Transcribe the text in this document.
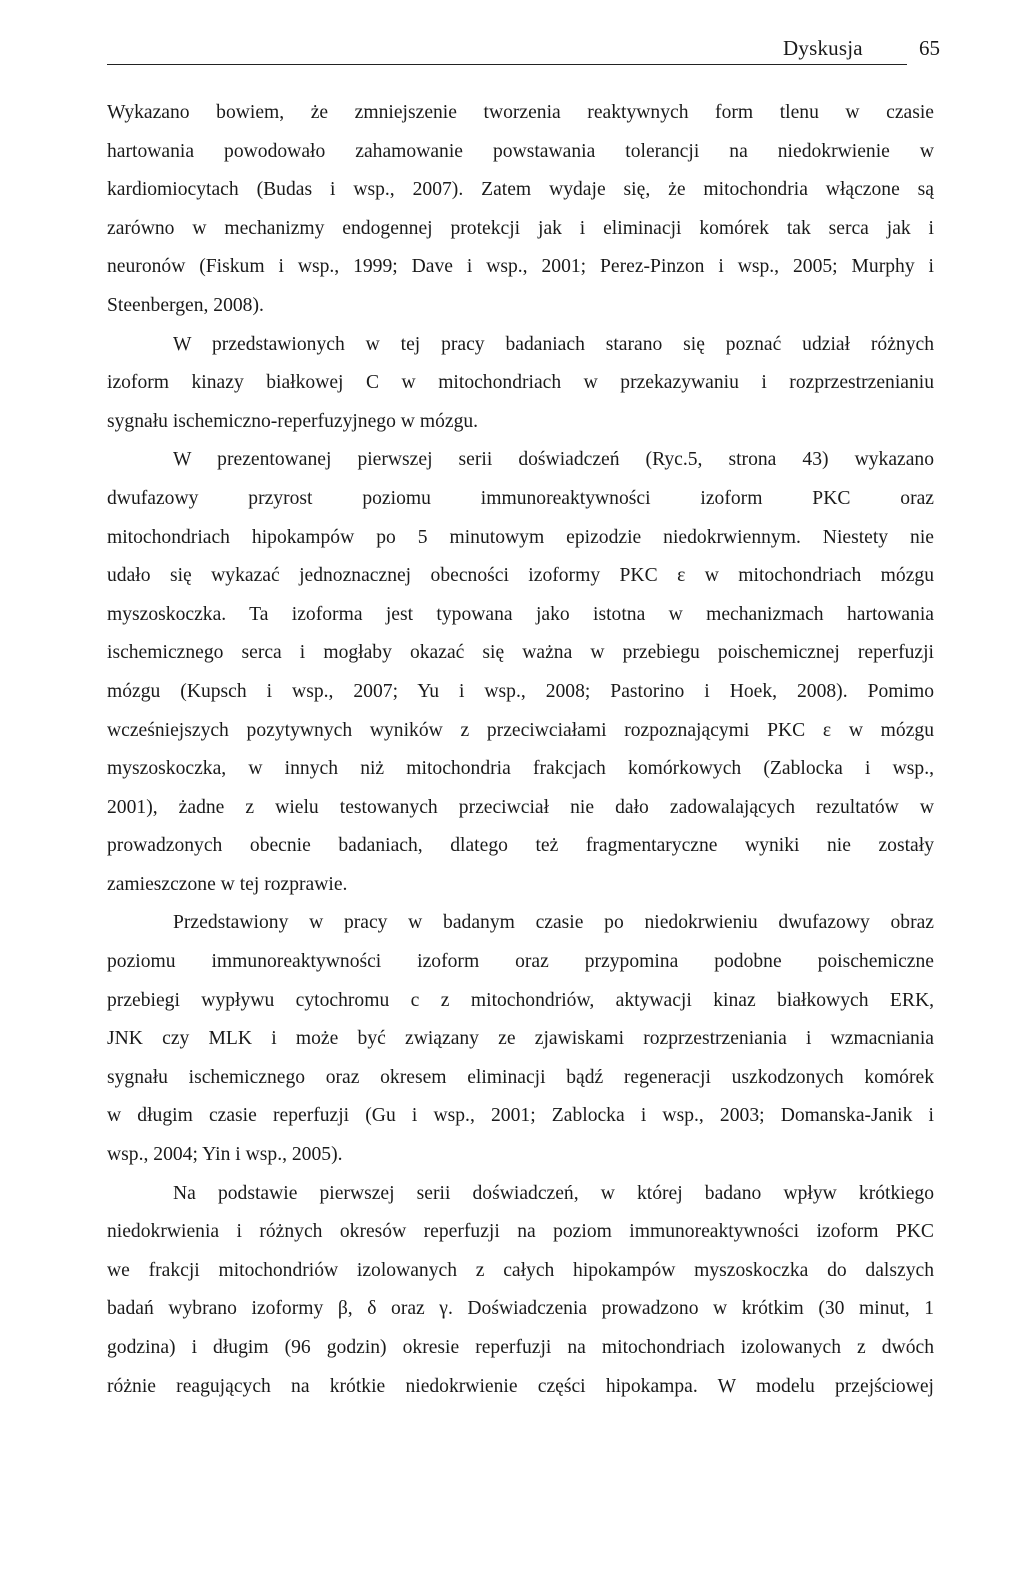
Dyskusja	65
Wykazano bowiem, że zmniejszenie tworzenia reaktywnych form tlenu w czasie
hartowania powodowało zahamowanie powstawania tolerancji na niedokrwienie w
kardiomiocytach (Budas i wsp., 2007). Zatem wydaje się, że mitochondria włączone są
zarówno w mechanizmy endogennej protekcji jak i eliminacji komórek tak serca jak i
neuronów (Fiskum i wsp., 1999; Dave i wsp., 2001; Perez-Pinzon i wsp., 2005; Murphy i
Steenbergen, 2008).
W przedstawionych w tej pracy badaniach starano się poznać udział różnych
izoform kinazy białkowej C w mitochondriach w przekazywaniu i rozprzestrzenianiu
sygnału ischemiczno-reperfuzyjnego w mózgu.
W prezentowanej pierwszej serii doświadczeń (Ryc.5, strona 43) wykazano
dwufazowy przyrost poziomu immunoreaktywności izoform PKC oraz
mitochondriach hipokampów po 5 minutowym epizodzie niedokrwiennym. Niestety nie
udało się wykazać jednoznacznej obecności izoformy PKC ε w mitochondriach mózgu
myszoskoczka. Ta izoforma jest typowana jako istotna w mechanizmach hartowania
ischemicznego serca i mogłaby okazać się ważna w przebiegu poischemicznej reperfuzji
mózgu (Kupsch i wsp., 2007; Yu i wsp., 2008; Pastorino i Hoek, 2008). Pomimo
wcześniejszych pozytywnych wyników z przeciwciałami rozpoznającymi PKC ε w mózgu
myszoskoczka, w innych niż mitochondria frakcjach komórkowych (Zablocka i wsp.,
2001), żadne z wielu testowanych przeciwciał nie dało zadowalających rezultatów w
prowadzonych obecnie badaniach, dlatego też fragmentaryczne wyniki nie zostały
zamieszczone w tej rozprawie.
Przedstawiony w pracy w badanym czasie po niedokrwieniu dwufazowy obraz
poziomu immunoreaktywności izoform oraz przypomina podobne poischemiczne
przebiegi wypływu cytochromu c z mitochondriów, aktywacji kinaz białkowych ERK,
JNK czy MLK i może być związany ze zjawiskami rozprzestrzeniania i wzmacniania
sygnału ischemicznego oraz okresem eliminacji bądź regeneracji uszkodzonych komórek
w długim czasie reperfuzji (Gu i wsp., 2001; Zablocka i wsp., 2003; Domanska-Janik i
wsp., 2004; Yin i wsp., 2005).
Na podstawie pierwszej serii doświadczeń, w której badano wpływ krótkiego
niedokrwienia i różnych okresów reperfuzji na poziom immunoreaktywności izoform PKC
we frakcji mitochondriów izolowanych z całych hipokampów myszoskoczka do dalszych
badań wybrano izoformy β, δ oraz γ. Doświadczenia prowadzono w krótkim (30 minut, 1
godzina) i długim (96 godzin) okresie reperfuzji na mitochondriach izolowanych z dwóch
różnie reagujących na krótkie niedokrwienie części hipokampa. W modelu przejściowej
